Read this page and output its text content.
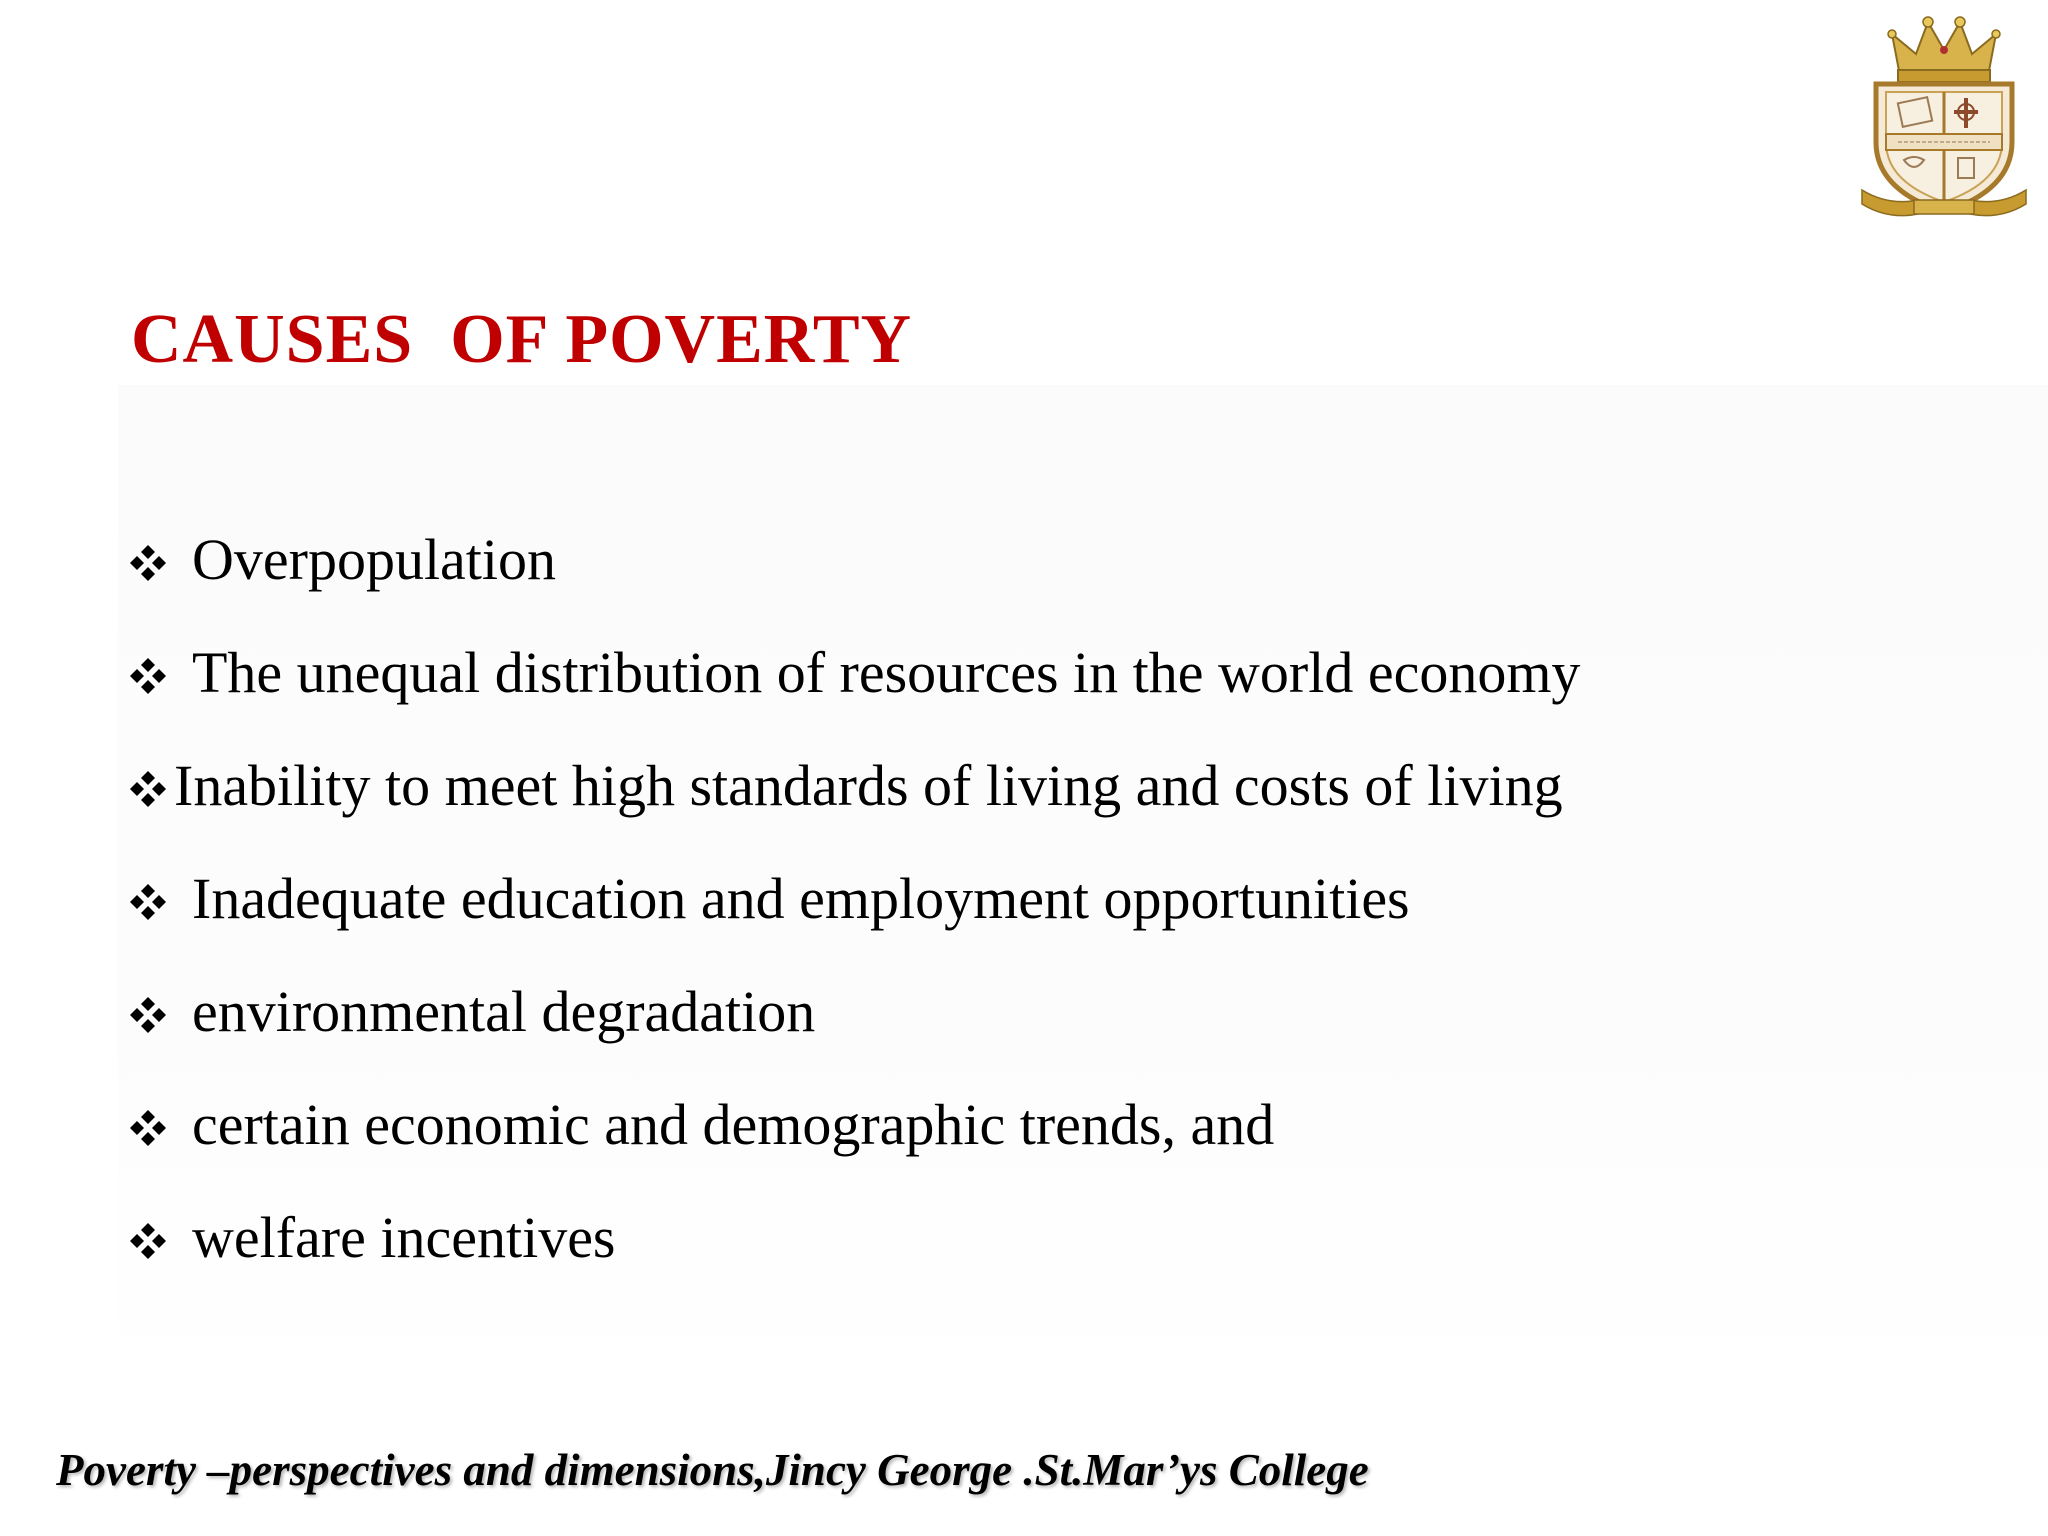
CAUSES  OF POVERTY
Overpopulation
The unequal distribution of resources in the world economy
Inability to meet high standards of living and costs of living
Inadequate education and employment opportunities
environmental degradation
certain economic and demographic trends, and
welfare incentives

Poverty –perspectives and dimensions,Jincy George .St.Mar’ys College
